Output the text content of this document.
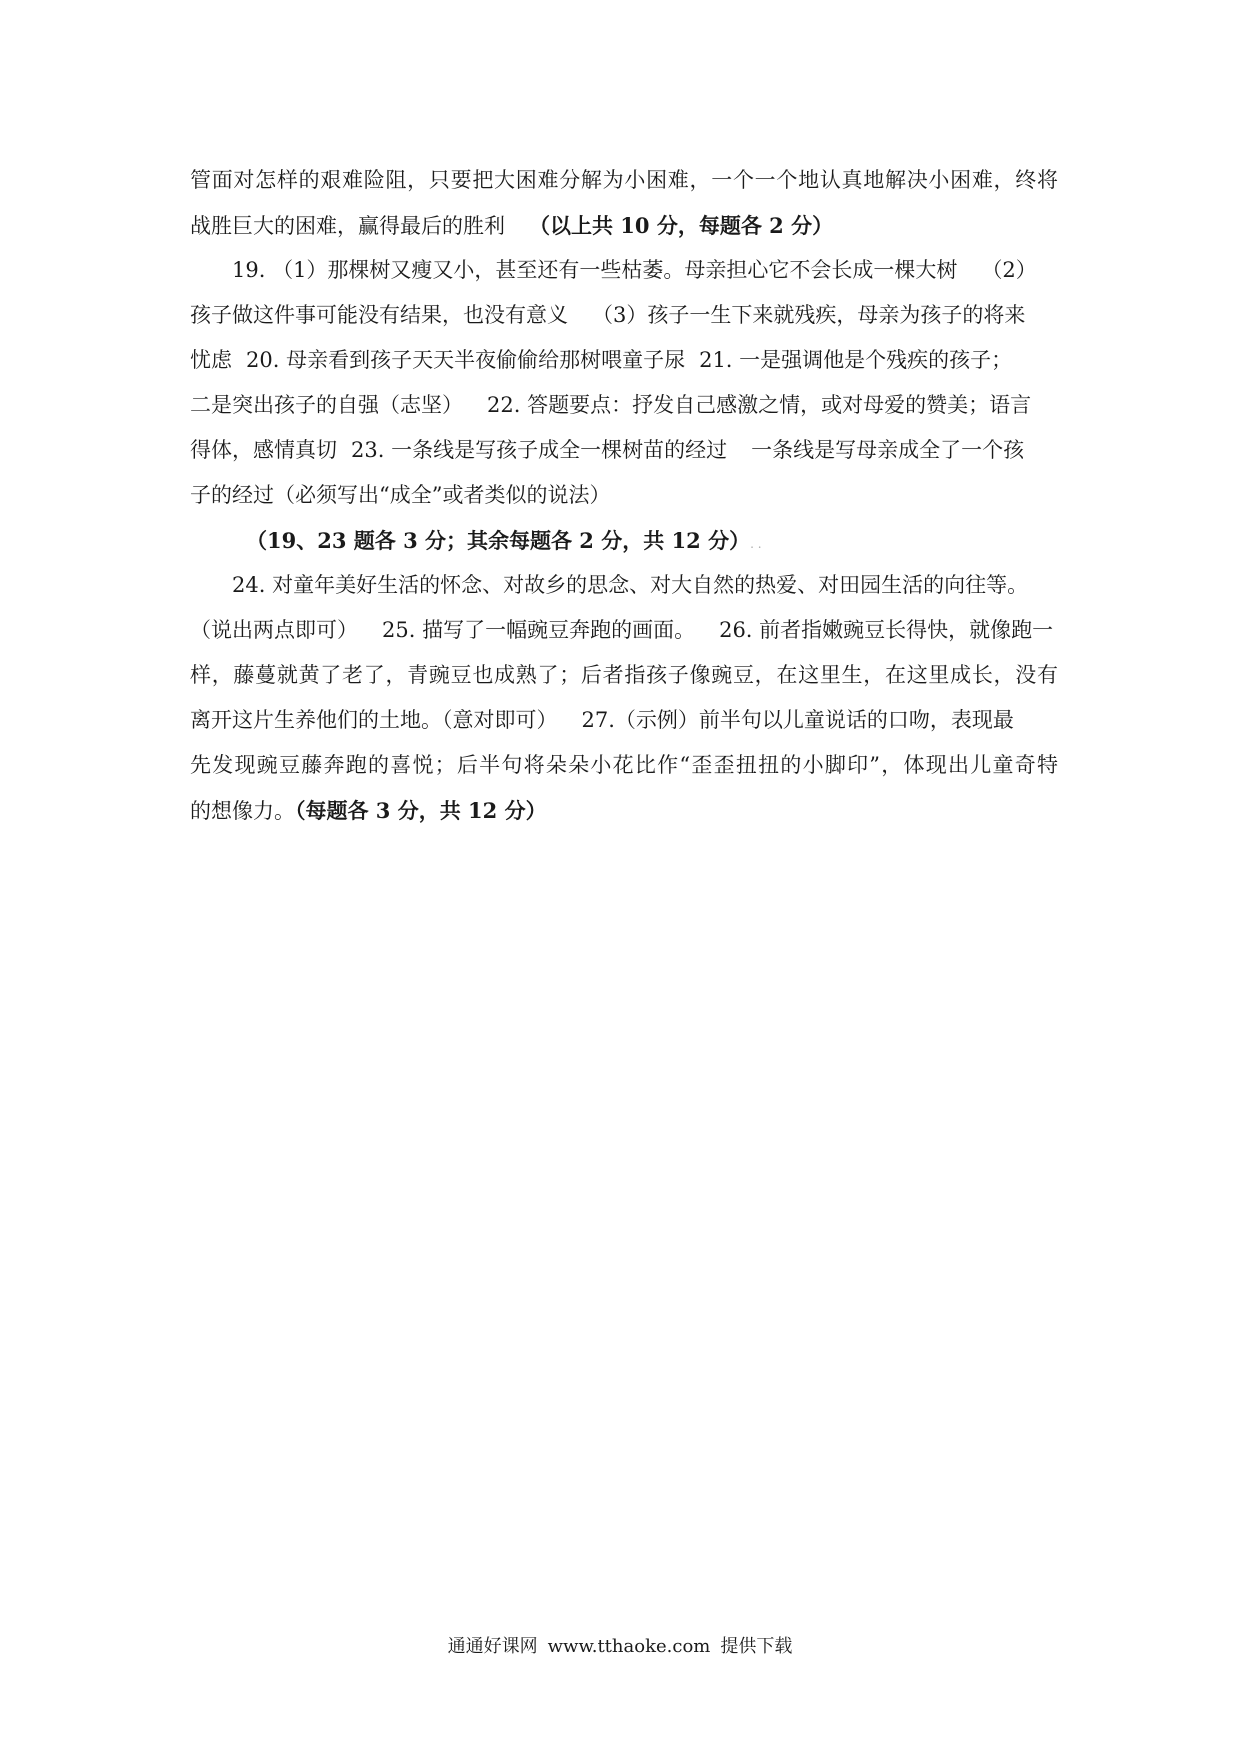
管面对怎样的艰难险阻，只要把大困难分解为小困难，一个一个地认真地解决小困难，终将
战胜巨大的困难，赢得最后的胜利 （以上共 10 分，每题各 2 分）
19. （1）那棵树又瘦又小，甚至还有一些枯萎。母亲担心它不会长成一棵大树 （2）
孩子做这件事可能没有结果，也没有意义 （3）孩子一生下来就残疾，母亲为孩子的将来
忧虑 20. 母亲看到孩子天天半夜偷偷给那树喂童子尿 21. 一是强调他是个残疾的孩子；
二是突出孩子的自强（志坚） 22. 答题要点：抒发自己感激之情，或对母爱的赞美；语言
得体，感情真切 23. 一条线是写孩子成全一棵树苗的经过 一条线是写母亲成全了一个孩
子的经过（必须写出“成全”或者类似的说法）
（19、23 题各 3 分；其余每题各 2 分，共 12 分）. .
24. 对童年美好生活的怀念、对故乡的思念、对大自然的热爱、对田园生活的向往等。
（说出两点即可） 25. 描写了一幅豌豆奔跑的画面。 26. 前者指嫩豌豆长得快，就像跑一
样，藤蔓就黄了老了，青豌豆也成熟了；后者指孩子像豌豆，在这里生，在这里成长，没有
离开这片生养他们的土地。（意对即可） 27.（示例）前半句以儿童说话的口吻，表现最
先发现豌豆藤奔跑的喜悦；后半句将朵朵小花比作“歪歪扭扭的小脚印”，体现出儿童奇特
的想像力。（每题各 3 分，共 12 分）
通通好课网 www.tthaoke.com 提供下载
